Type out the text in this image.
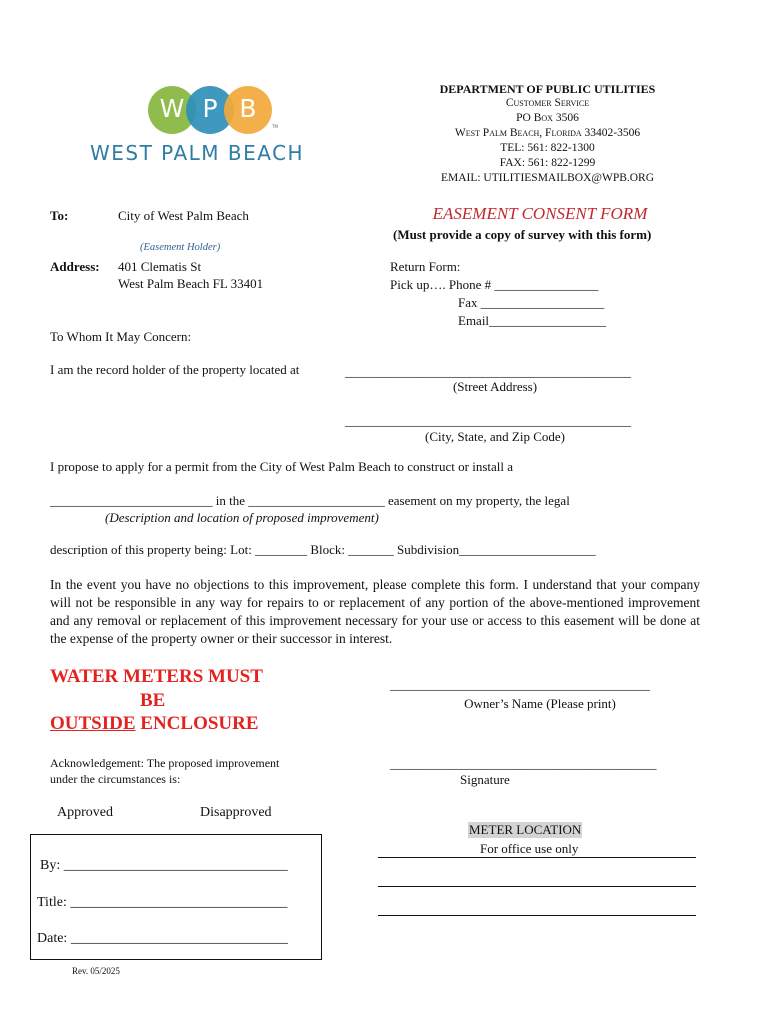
W P B
TM
WEST PALM BEACH
DEPARTMENT OF PUBLIC UTILITIES
Customer Service
PO Box 3506
West Palm Beach, Florida 33402-3506
TEL: 561: 822-1300
FAX: 561: 822-1299
EMAIL: UTILITIESMAILBOX@WPB.ORG
To:	City of West Palm Beach
(Easement Holder)
Address: 401 Clematis St
West Palm Beach FL 33401
EASEMENT CONSENT FORM
(Must provide a copy of survey with this form)
Return Form:
Pick up…. Phone # ________________
Fax ___________________
Email__________________
To Whom It May Concern:
I am the record holder of the property located at	____________________________________________
(Street Address)
____________________________________________
(City, State, and Zip Code)
I propose to apply for a permit from the City of West Palm Beach to construct or install a
_________________________ in the _____________________ easement on my property, the legal
(Description and location of proposed improvement)
description of this property being: Lot: ________ Block: _______ Subdivision_____________________
In the event you have no objections to this improvement, please complete this form. I understand that your company will not be responsible in any way for repairs to or replacement of any portion of the above-mentioned improvement and any removal or replacement of this improvement necessary for your use or access to this easement will be done at the expense of the property owner or their successor in interest.
WATER METERS MUST
BE
OUTSIDE ENCLOSURE
________________________________________
Owner’s Name (Please print)
_________________________________________
Signature
Acknowledgement: The proposed improvement
under the circumstances is:
Approved	Disapproved
By: ________________________________
Title: _______________________________
Date: _______________________________
Rev. 05/2025
METER LOCATION
For office use only
